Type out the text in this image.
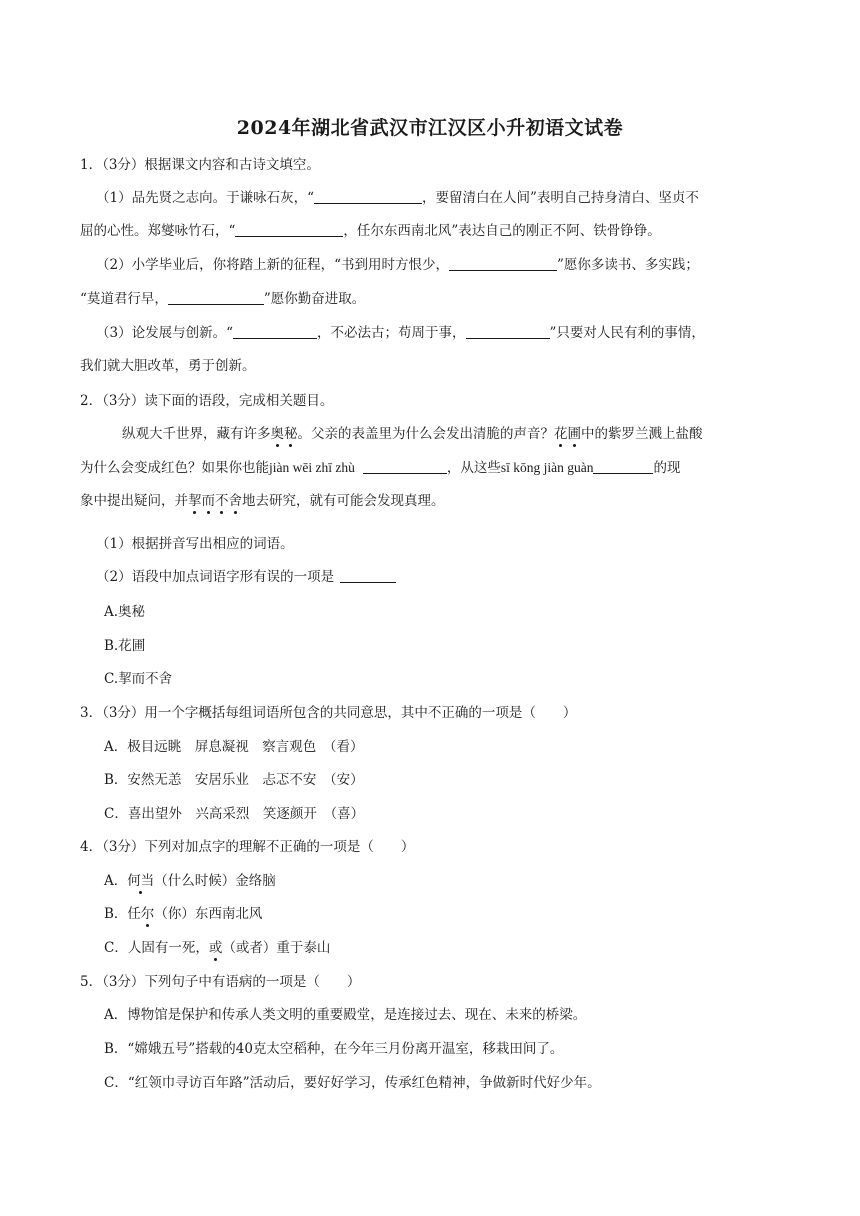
2024年湖北省武汉市江汉区小升初语文试卷
1．（3分）根据课文内容和古诗文填空。
（1）品先贤之志向。于谦咏石灰，“	，要留清白在人间”表明自己持身清白、坚贞不
屈的心性。郑燮咏竹石，“	，任尔东西南北风”表达自己的刚正不阿、铁骨铮铮。
（2）小学毕业后，你将踏上新的征程，“书到用时方恨少，	”愿你多读书、多实践；
“莫道君行早，	”愿你勤奋进取。
（3）论发展与创新。“	，不必法古；苟周于事，	”只要对人民有利的事情，
我们就大胆改革，勇于创新。
2．（3分）读下面的语段，完成相关题目。
纵观大千世界，藏有许多奥秘。父亲的表盖里为什么会发出清脆的声音？花圃中的紫罗兰溅上盐酸
为什么会变成红色？如果你也能jiàn wēi zhī zhù	，从这些sī kōng jiàn guàn	的现
象中提出疑问，并挈而不舍地去研究，就有可能会发现真理。
（1）根据拼音写出相应的词语。
（2）语段中加点词语字形有误的一项是
A.奥秘
B.花圃
C.挈而不舍
3．（3分）用一个字概括每组词语所包含的共同意思，其中不正确的一项是（　　）
A．极目远眺　屏息凝视　察言观色　（看）
B．安然无恙　安居乐业　忐忑不安　（安）
C．喜出望外　兴高采烈　笑逐颜开　（喜）
4．（3分）下列对加点字的理解不正确的一项是（　　）
A．何当（什么时候）金络脑
B．任尔（你）东西南北风
C．人固有一死，或（或者）重于泰山
5．（3分）下列句子中有语病的一项是（　　）
A．博物馆是保护和传承人类文明的重要殿堂，是连接过去、现在、未来的桥梁。
B．“嫦娥五号”搭载的40克太空稻种，在今年三月份离开温室，移栽田间了。
C．“红领巾寻访百年路”活动后，要好好学习，传承红色精神，争做新时代好少年。
